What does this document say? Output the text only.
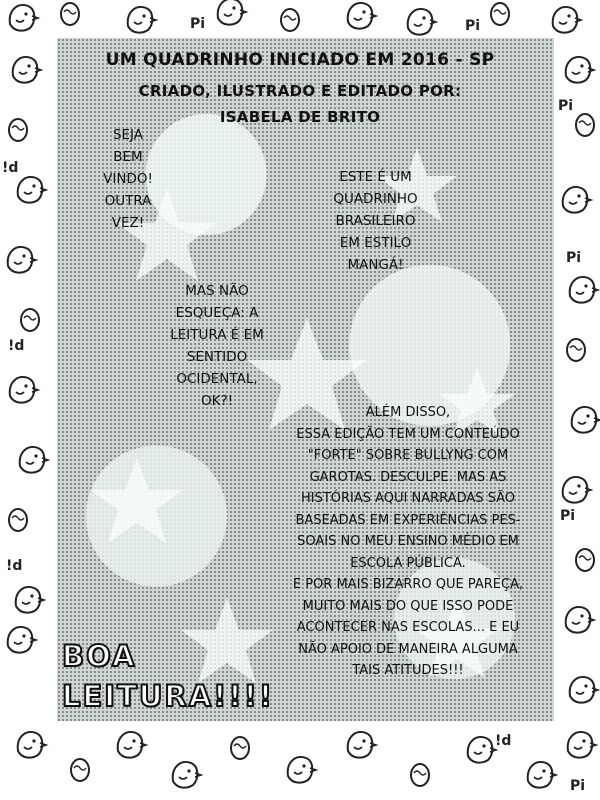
Pi	Pi
!d
!d
!d
Pi
Pi
Pi
!d
Pi
UM QUADRINHO INICIADO EM 2016 - SP
CRIADO, ILUSTRADO E EDITADO POR:
ISABELA DE BRITO
SEJA
BEM
VINDO!
OUTRA
VEZ!
ESTE É UM
QUADRINHO
BRASILEIRO
EM ESTILO
MANGÁ!
MAS NÃO
ESQUEÇA: A
LEITURA É EM
SENTIDO
OCIDENTAL,
OK?!
ALÉM DISSO,
ESSA EDIÇÃO TEM UM CONTEÚDO
"FORTE" SOBRE BULLYNG COM
GAROTAS. DESCULPE. MAS AS
HISTÓRIAS AQUI NARRADAS SÃO
BASEADAS EM EXPERIÊNCIAS PES-
SOAIS NO MEU ENSINO MÉDIO EM
ESCOLA PÚBLICA.
E POR MAIS BIZARRO QUE PAREÇA,
MUITO MAIS DO QUE ISSO PODE
ACONTECER NAS ESCOLAS... E EU
NÃO APOIO DE MANEIRA ALGUMA
TAIS ATITUDES!!!
BOA
LEITURA!!!!
